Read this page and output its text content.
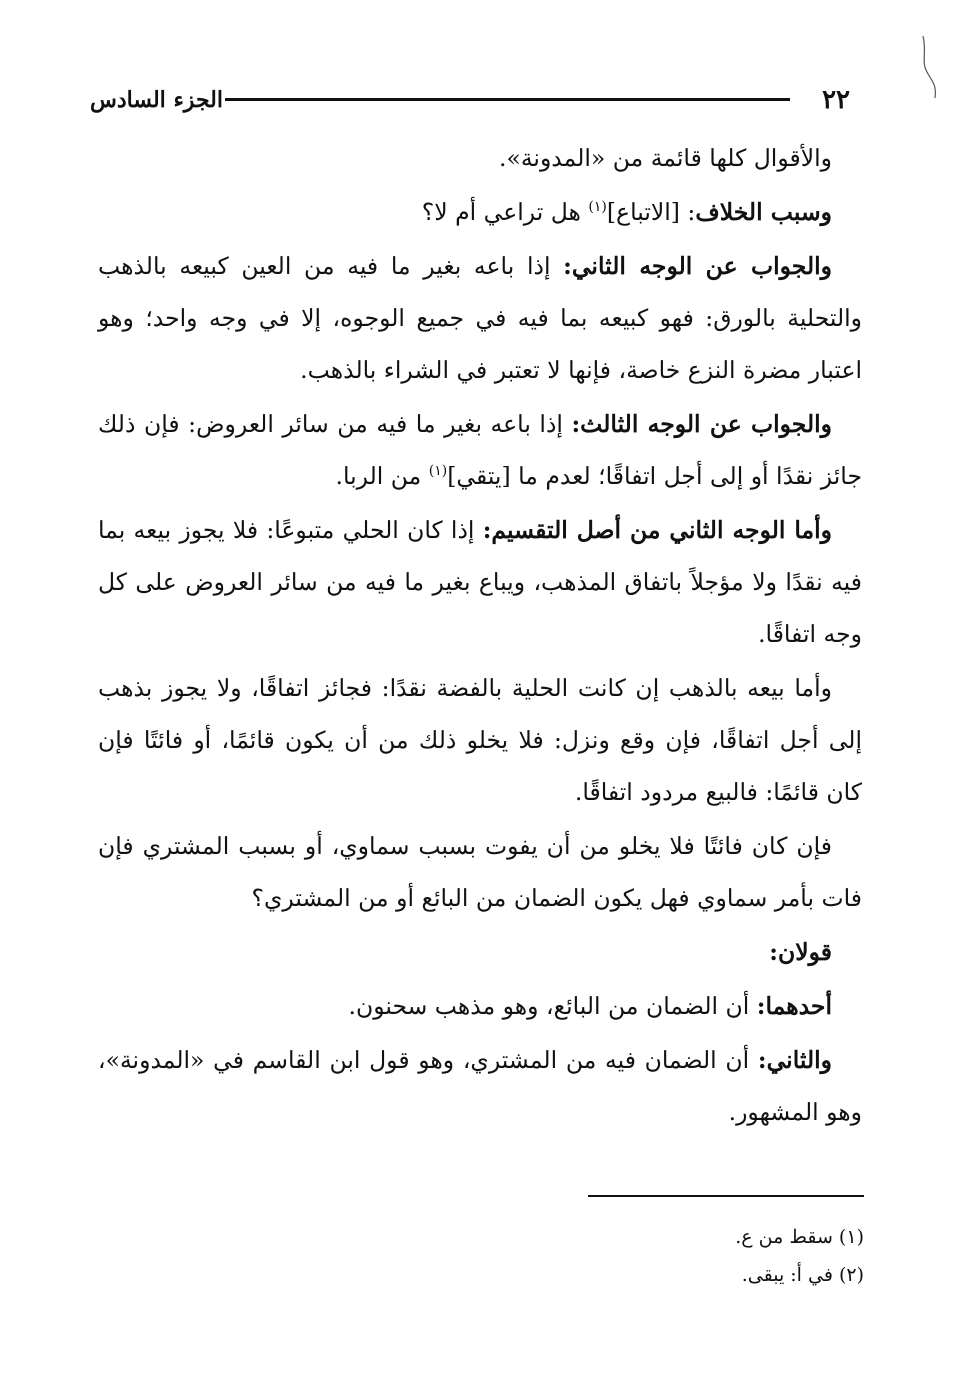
٢٢
الجزء السادس

والأقوال كلها قائمة من «المدونة».

وسبب الخلاف: [الاتباع]$^{(١)}$ هل تراعي أم لا؟

والجواب عن الوجه الثاني: إذا باعه بغير ما فيه من العين كبيعه بالذهب والتحلية بالورق: فهو كبيعه بما فيه في جميع الوجوه، إلا في وجه واحد؛ وهو اعتبار مضرة النزع خاصة، فإنها لا تعتبر في الشراء بالذهب.

والجواب عن الوجه الثالث: إذا باعه بغير ما فيه من سائر العروض: فإن ذلك جائز نقدًا أو إلى أجل اتفاقًا؛ لعدم ما [يتقي]$^{(١)}$ من الربا.

وأما الوجه الثاني من أصل التقسيم: إذا كان الحلي متبوعًا: فلا يجوز بيعه بما فيه نقدًا ولا مؤجلاً باتفاق المذهب، ويباع بغير ما فيه من سائر العروض على كل وجه اتفاقًا.

وأما بيعه بالذهب إن كانت الحلية بالفضة نقدًا: فجائز اتفاقًا، ولا يجوز بذهب إلى أجل اتفاقًا، فإن وقع ونزل: فلا يخلو ذلك من أن يكون قائمًا، أو فائتًا فإن كان قائمًا: فالبيع مردود اتفاقًا.

فإن كان فائتًا فلا يخلو من أن يفوت بسبب سماوي، أو بسبب المشتري فإن فات بأمر سماوي فهل يكون الضمان من البائع أو من المشتري؟

قولان:

أحدهما: أن الضمان من البائع، وهو مذهب سحنون.

والثاني: أن الضمان فيه من المشتري، وهو قول ابن القاسم في «المدونة»، وهو المشهور.

(١) سقط من ع.
(٢) في أ: يبقى.
